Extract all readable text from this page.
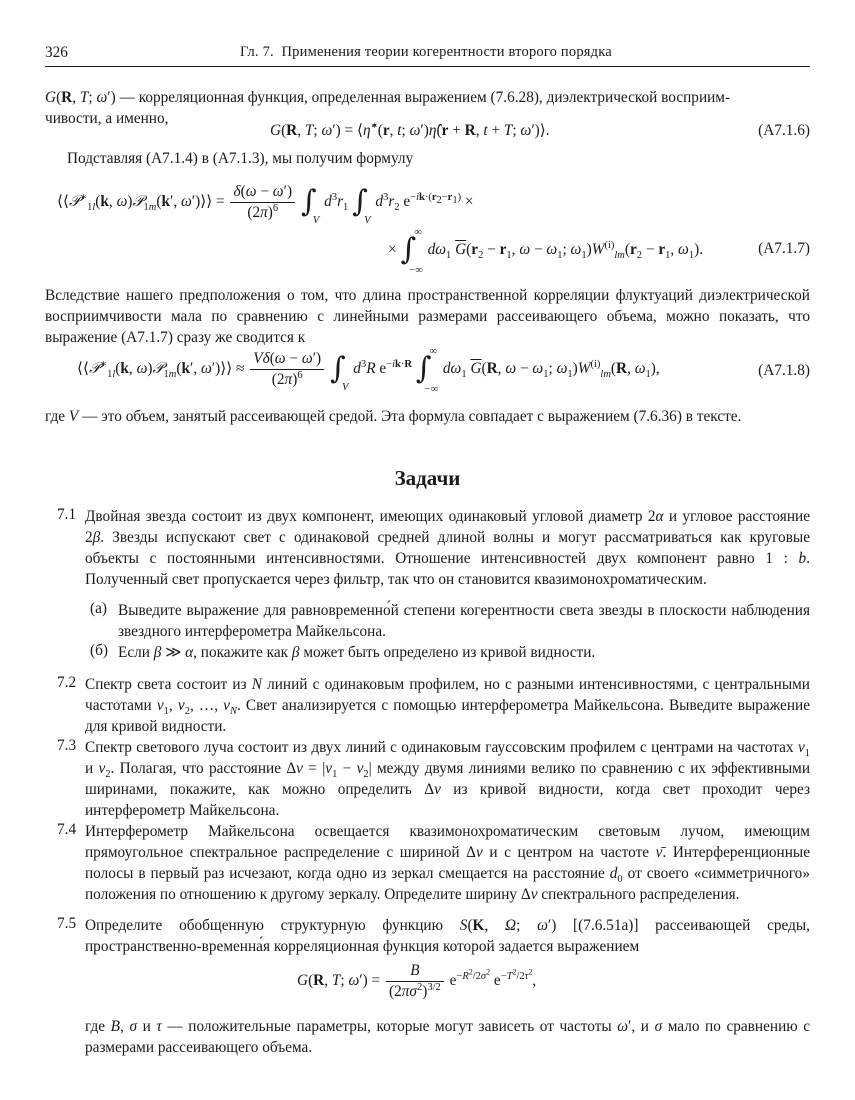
326	Гл. 7.  Применения теории когерентности второго порядка
G(R, T; ω′) — корреляционная функция, определенная выражением (7.6.28), диэлектрической восприим-
чивости, а именно,
G(R, T; ω′) = ⟨η̂∗(r, t; ω′)η̂(r + R, t + T; ω′)⟩.	(A7.1.6)
Подставляя (A7.1.4) в (A7.1.3), мы получим формулу
⟨⟨𝒫∗$_{1l}$(k, ω)𝒫$_{1m}$(k′, ω′)⟩⟩ = $\frac{\delta(\omega - \omega')}{(2\pi)^6}$ ∫
V
$d^3r_1$ ∫
V
$d^3r_2$ $e^{-ik\cdot(r_2-r_1)}$ ×
× ∫
∞
−∞
$d\omega_1$ $\overline{G}(r_2 - r_1$, $\omega - \omega_1$; $\omega_1)W^{(i)}_{lm}(r_2 - r_1$, $\omega_1$).	(A7.1.7)
Вследствие нашего предположения о том, что длина пространственной корреляции флуктуаций диэлектрической восприимчивости мала по сравнению с линейными размерами рассеивающего объема, можно показать, что выражение (A7.1.7) сразу же сводится к
⟨⟨𝒫∗$_{1l}$(k, ω)𝒫$_{1m}$(k′, ω′)⟩⟩ ≈ $\frac{V\delta(\omega - \omega')}{(2\pi)^6}$ ∫
V
$d^3R$ $e^{-ik\cdot R}$ ∫
∞
−∞
$d\omega_1$ $\overline{G}(R$, $\omega - \omega_1$; $\omega_1)W^{(i)}_{lm}(R$, $\omega_1$),	(A7.1.8)
где V — это объем, занятый рассеивающей средой. Эта формула совпадает с выражением (7.6.36) в тексте.
Задачи
7.1 Двойная звезда состоит из двух компонент, имеющих одинаковый угловой диаметр 2α и угловое расстояние 2β. Звезды испускают свет с одинаковой средней длиной волны и могут рассматриваться как круговые объекты с постоянными интенсивностями. Отношение интенсивностей двух компонент равно 1 : b. Полученный свет пропускается через фильтр, так что он становится квазимонохроматическим.
(а) Выведите выражение для равновременно́й степени когерентности света звезды в плоскости наблюдения звездного интерферометра Майкельсона.
(б) Если β ≫ α, покажите как β может быть определено из кривой видности.
7.2 Спектр света состоит из N линий с одинаковым профилем, но с разными интенсивностями, с центральными частотами $\nu_1$, $\nu_2$, …, $\nu_N$. Свет анализируется с помощью интерферометра Майкельсона. Выведите выражение для кривой видности.
7.3 Спектр светового луча состоит из двух линий с одинаковым гауссовским профилем с центрами на частотах $\nu_1$ и $\nu_2$. Полагая, что расстояние $\Delta\nu = |\nu_1 - \nu_2|$ между двумя линиями велико по сравнению с их эффективными ширинами, покажите, как можно определить Δν из кривой видности, когда свет проходит через интерферометр Майкельсона.
7.4 Интерферометр Майкельсона освещается квазимонохроматическим световым лучом, имеющим прямоугольное спектральное распределение с шириной Δν и с центром на частоте ν̄. Интерференционные полосы в первый раз исчезают, когда одно из зеркал смещается на расстояние $d_0$ от своего «симметричного» положения по отношению к другому зеркалу. Определите ширину Δν спектрального распределения.
7.5 Определите обобщенную структурную функцию S(K, Ω; ω′) [(7.6.51а)] рассеивающей среды, пространственно-временна́я корреляционная функция которой задается выражением
G(R, T; $\omega') = \frac{B}{(2\pi\sigma^2)^{3/2}} e^{-R^2/2\sigma^2}$ $e^{-T^2/2\tau^2}$,
где B, σ и τ — положительные параметры, которые могут зависеть от частоты ω′, и σ мало по сравнению с размерами рассеивающего объема.
